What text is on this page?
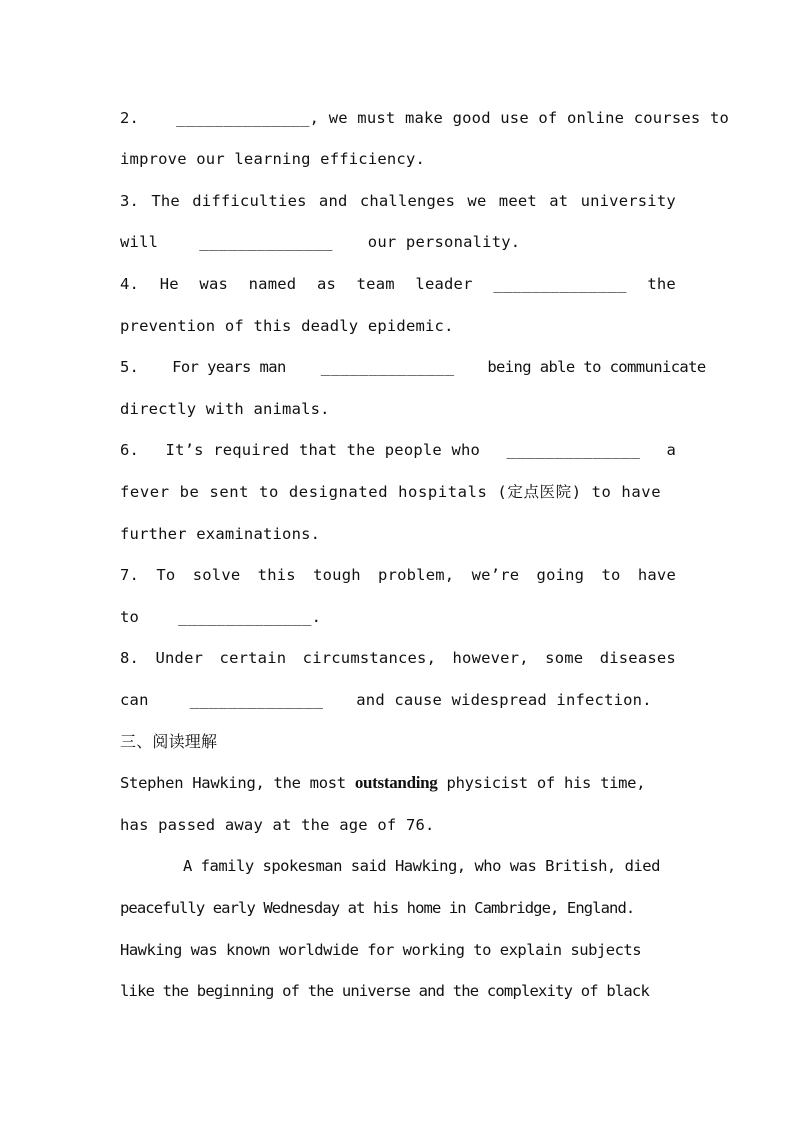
2. ______________, we must make good use of online courses to
improve our learning efficiency.
3. The difficulties and challenges we meet at university
will	______________ our personality.
4. He was named as team leader ______________ the
prevention of this deadly epidemic.
5. For years man ______________ being able to communicate
directly with animals.
6. It’s required that the people who ______________ a
fever be sent to designated hospitals (定点医院) to have
further examinations.
7. To solve this tough problem, we’re going to have
to	______________.
8. Under certain circumstances, however, some diseases
can	______________ and cause widespread infection.
三、阅读理解
Stephen Hawking, the most outstanding physicist of his time,
has passed away at the age of 76.
A family spokesman said Hawking, who was British, died
peacefully early Wednesday at his home in Cambridge, England.
Hawking was known worldwide for working to explain subjects
like the beginning of the universe and the complexity of black
